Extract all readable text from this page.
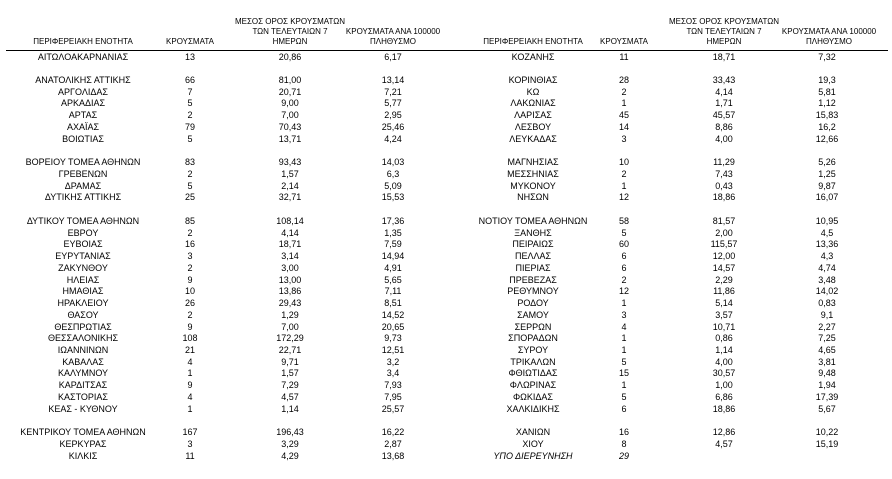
ΠΕΡΙΦΕΡΕΙΑΚΗ ΕΝΟΤΗΤΑ	ΚΡΟΥΣΜΑΤΑ
ΜΕΣΟΣ ΟΡΟΣ ΚΡΟΥΣΜΑΤΩΝ
ΤΩΝ ΤΕΛΕΥΤΑΙΩΝ 7
ΗΜΕΡΩΝ
ΚΡΟΥΣΜΑΤΑ ΑΝΑ 100000
ΠΛΗΘΥΣΜΟ
ΑΙΤΩΛΟΑΚΑΡΝΑΝΙΑΣ	13	20,86	6,17
ΑΝΑΤΟΛΙΚΗΣ ΑΤΤΙΚΗΣ	66	81,00	13,14
ΑΡΓΟΛΙΔΑΣ	7	20,71	7,21
ΑΡΚΑΔΙΑΣ	5	9,00	5,77
ΑΡΤΑΣ	2	7,00	2,95
ΑΧΑΪΑΣ	79	70,43	25,46
ΒΟΙΩΤΙΑΣ	5	13,71	4,24
ΒΟΡΕΙΟΥ ΤΟΜΕΑ ΑΘΗΝΩΝ	83	93,43	14,03
ΓΡΕΒΕΝΩΝ	2	1,57	6,3
ΔΡΑΜΑΣ	5	2,14	5,09
ΔΥΤΙΚΗΣ ΑΤΤΙΚΗΣ	25	32,71	15,53
ΔΥΤΙΚΟΥ ΤΟΜΕΑ ΑΘΗΝΩΝ	85	108,14	17,36
ΕΒΡΟΥ	2	4,14	1,35
ΕΥΒΟΙΑΣ	16	18,71	7,59
ΕΥΡΥΤΑΝΙΑΣ	3	3,14	14,94
ΖΑΚΥΝΘΟΥ	2	3,00	4,91
ΗΛΕΙΑΣ	9	13,00	5,65
ΗΜΑΘΙΑΣ	10	13,86	7,11
ΗΡΑΚΛΕΙΟΥ	26	29,43	8,51
ΘΑΣΟΥ	2	1,29	14,52
ΘΕΣΠΡΩΤΙΑΣ	9	7,00	20,65
ΘΕΣΣΑΛΟΝΙΚΗΣ	108	172,29	9,73
ΙΩΑΝΝΙΝΩΝ	21	22,71	12,51
ΚΑΒΑΛΑΣ	4	9,71	3,2
ΚΑΛΥΜΝΟΥ	1	1,57	3,4
ΚΑΡΔΙΤΣΑΣ	9	7,29	7,93
ΚΑΣΤΟΡΙΑΣ	4	4,57	7,95
ΚΕΑΣ - ΚΥΘΝΟΥ	1	1,14	25,57
ΚΕΝΤΡΙΚΟΥ ΤΟΜΕΑ ΑΘΗΝΩΝ	167	196,43	16,22
ΚΕΡΚΥΡΑΣ	3	3,29	2,87
ΚΙΛΚΙΣ	11	4,29	13,68
ΠΕΡΙΦΕΡΕΙΑΚΗ ΕΝΟΤΗΤΑ	ΚΡΟΥΣΜΑΤΑ
ΜΕΣΟΣ ΟΡΟΣ ΚΡΟΥΣΜΑΤΩΝ
ΤΩΝ ΤΕΛΕΥΤΑΙΩΝ 7
ΗΜΕΡΩΝ
ΚΡΟΥΣΜΑΤΑ ΑΝΑ 100000
ΠΛΗΘΥΣΜΟ
ΚΟΖΑΝΗΣ	11	18,71	7,32
ΚΟΡΙΝΘΙΑΣ	28	33,43	19,3
ΚΩ	2	4,14	5,81
ΛΑΚΩΝΙΑΣ	1	1,71	1,12
ΛΑΡΙΣΑΣ	45	45,57	15,83
ΛΕΣΒΟΥ	14	8,86	16,2
ΛΕΥΚΑΔΑΣ	3	4,00	12,66
ΜΑΓΝΗΣΙΑΣ	10	11,29	5,26
ΜΕΣΣΗΝΙΑΣ	2	7,43	1,25
ΜΥΚΟΝΟΥ	1	0,43	9,87
ΝΗΣΩΝ	12	18,86	16,07
ΝΟΤΙΟΥ ΤΟΜΕΑ ΑΘΗΝΩΝ	58	81,57	10,95
ΞΑΝΘΗΣ	5	2,00	4,5
ΠΕΙΡΑΙΩΣ	60	115,57	13,36
ΠΕΛΛΑΣ	6	12,00	4,3
ΠΙΕΡΙΑΣ	6	14,57	4,74
ΠΡΕΒΕΖΑΣ	2	2,29	3,48
ΡΕΘΥΜΝΟΥ	12	11,86	14,02
ΡΟΔΟΥ	1	5,14	0,83
ΣΑΜΟΥ	3	3,57	9,1
ΣΕΡΡΩΝ	4	10,71	2,27
ΣΠΟΡΑΔΩΝ	1	0,86	7,25
ΣΥΡΟΥ	1	1,14	4,65
ΤΡΙΚΑΛΩΝ	5	4,00	3,81
ΦΘΙΩΤΙΔΑΣ	15	30,57	9,48
ΦΛΩΡΙΝΑΣ	1	1,00	1,94
ΦΩΚΙΔΑΣ	5	6,86	17,39
ΧΑΛΚΙΔΙΚΗΣ	6	18,86	5,67
ΧΑΝΙΩΝ	16	12,86	10,22
ΧΙΟΥ	8	4,57	15,19
ΥΠΟ ΔΙΕΡΕΥΝΗΣΗ	29
